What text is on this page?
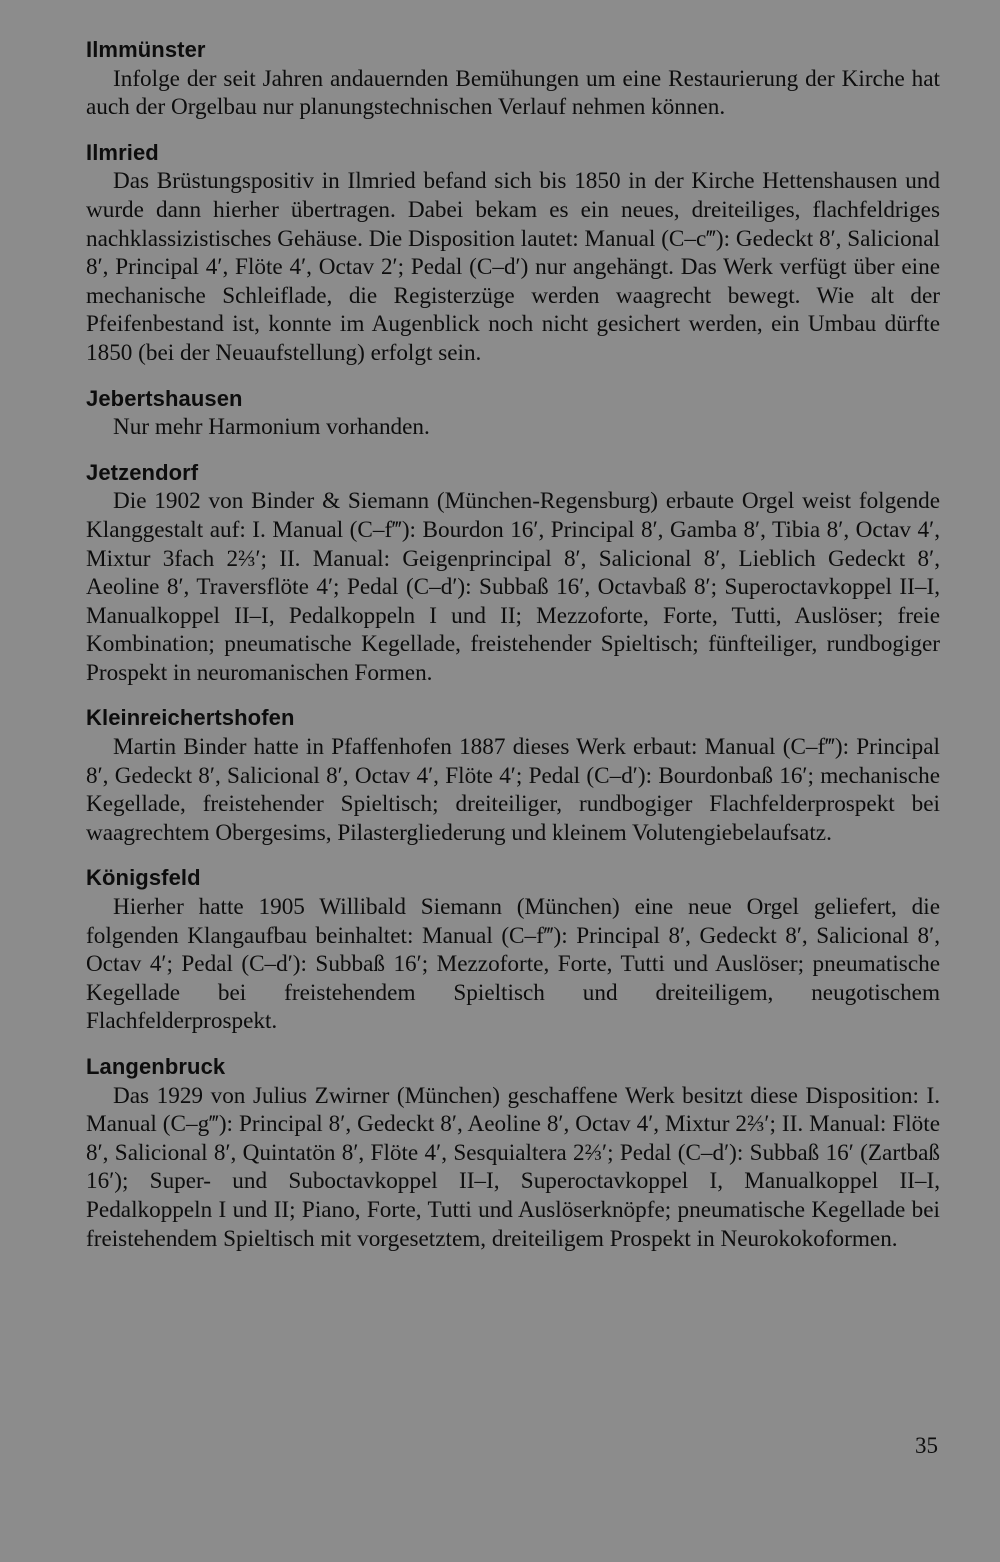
Ilmmünster

Infolge der seit Jahren andauernden Bemühungen um eine Restaurierung der Kirche hat auch der Orgelbau nur planungstechnischen Verlauf nehmen können.

Ilmried

Das Brüstungspositiv in Ilmried befand sich bis 1850 in der Kirche Hettenshausen und wurde dann hierher übertragen. Dabei bekam es ein neues, dreiteiliges, flachfeldriges nachklassizistisches Gehäuse. Die Disposition lautet: Manual (C–c‴): Gedeckt 8′, Salicional 8′, Principal 4′, Flöte 4′, Octav 2′; Pedal (C–d′) nur angehängt. Das Werk verfügt über eine mechanische Schleiflade, die Registerzüge werden waagrecht bewegt. Wie alt der Pfeifenbestand ist, konnte im Augenblick noch nicht gesichert werden, ein Umbau dürfte 1850 (bei der Neuaufstellung) erfolgt sein.

Jebertshausen

Nur mehr Harmonium vorhanden.

Jetzendorf

Die 1902 von Binder & Siemann (München-Regensburg) erbaute Orgel weist folgende Klanggestalt auf: I. Manual (C–f‴): Bourdon 16′, Principal 8′, Gamba 8′, Tibia 8′, Octav 4′, Mixtur 3fach 2⅔′; II. Manual: Geigenprincipal 8′, Salicional 8′, Lieblich Gedeckt 8′, Aeoline 8′, Traversflöte 4′; Pedal (C–d′): Subbaß 16′, Octavbaß 8′; Superoctavkoppel II–I, Manualkoppel II–I, Pedalkoppeln I und II; Mezzoforte, Forte, Tutti, Auslöser; freie Kombination; pneumatische Kegellade, freistehender Spieltisch; fünfteiliger, rundbogiger Prospekt in neuromanischen Formen.

Kleinreichertshofen

Martin Binder hatte in Pfaffenhofen 1887 dieses Werk erbaut: Manual (C–f‴): Principal 8′, Gedeckt 8′, Salicional 8′, Octav 4′, Flöte 4′; Pedal (C–d′): Bourdonbaß 16′; mechanische Kegellade, freistehender Spieltisch; dreiteiliger, rundbogiger Flachfelderprospekt bei waagrechtem Obergesims, Pilastergliederung und kleinem Volutengiebelaufsatz.

Königsfeld

Hierher hatte 1905 Willibald Siemann (München) eine neue Orgel geliefert, die folgenden Klangaufbau beinhaltet: Manual (C–f‴): Principal 8′, Gedeckt 8′, Salicional 8′, Octav 4′; Pedal (C–d′): Subbaß 16′; Mezzoforte, Forte, Tutti und Auslöser; pneumatische Kegellade bei freistehendem Spieltisch und dreiteiligem, neugotischem Flachfelderprospekt.

Langenbruck

Das 1929 von Julius Zwirner (München) geschaffene Werk besitzt diese Disposition: I. Manual (C–g‴): Principal 8′, Gedeckt 8′, Aeoline 8′, Octav 4′, Mixtur 2⅔′; II. Manual: Flöte 8′, Salicional 8′, Quintatön 8′, Flöte 4′, Sesquialtera 2⅔′; Pedal (C–d′): Subbaß 16′ (Zartbaß 16′); Super- und Suboctavkoppel II–I, Superoctavkoppel I, Manualkoppel II–I, Pedalkoppeln I und II; Piano, Forte, Tutti und Auslöserknöpfe; pneumatische Kegellade bei freistehendem Spieltisch mit vorgesetztem, dreiteiligem Prospekt in Neurokokoformen.

35
